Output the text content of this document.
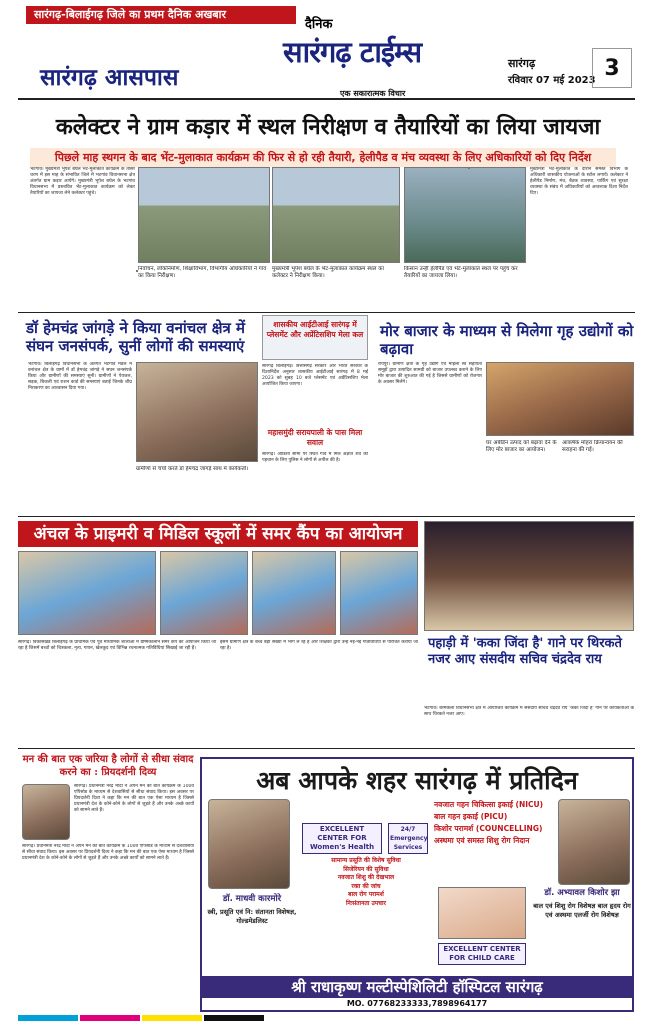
सारंगढ़-बिलाईगढ़ जिले का प्रथम दैनिक अखबार
सारंगढ़ आसपास
दैनिक
सारंगढ़ टाईम्स
एक सकारात्मक विचार
सारंगढ़
रविवार 07 मई 2023 3
कलेक्टर ने ग्राम कड़ार में स्थल निरीक्षण व तैयारियों का लिया जायजा
पिछले माह स्थगन के बाद भेंट-मुलाकात कार्यक्रम की फिर से हो रही तैयारी, हेलीपैड व मंच व्यवस्था के लिए अधिकारियों को दिए निर्देश
भटगांव। मुख्यमंत्री भूपेश बघेल भेंट-मुलाकात कार्यक्रम के तीसरे चरण में इस माह के संभावित जिले में भटगांव विधानसभा क्षेत्र अंतर्गत ग्राम कड़ार आयेंगे। मुख्यमंत्री भूपेश बघेल के भटगांव विधानसभा में प्रस्तावित भेंट-मुलाकात कार्यक्रम को लेकर तैयारियों का जायजा लेने कलेक्टर पहुंचे।
मुख्यमंत्री भेंट-मुलाकात के दौरान समस्त विभाग के अधिकारी शासकीय योजनाओं के स्टॉल लगायें। कलेक्टर ने हेलीपैड निर्माण, मंच, बैठक व्यवस्था, पार्किंग एवं सुरक्षा व्यवस्था के संबंध में अधिकारियों को आवश्यक दिशा निर्देश दिए।
निर्वाचन, लोकनिर्माण, शिक्षाविभाग, विभागीय अधिकारियों ने गांव का किया निरीक्षण।
मुख्यमंत्री भूपेश बघेल के भेंट-मुलाकात कार्यक्रम स्थल का कलेक्टर ने निरीक्षण किया।
किसान उन्हीं हेलीपैड एवं भेंट-मुलाकात स्थल पर पहुंच कर तैयारियों का जायजा लिया।
डॉ हेमचंद्र जांगड़े ने किया वनांचल क्षेत्र में संघन जनसंपर्क, सुनीं लोगों की समस्याएं
भटगांव। बिलाईगढ़ विधानसभा के अंतर्गत भटगांव मंडल में वनांचल क्षेत्र के ग्रामों में डॉ हेमचंद्र जांगड़े ने सघन जनसंपर्क किया और ग्रामीणों की समस्याएं सुनी। ग्रामीणों ने पेयजल, सड़क, बिजली एवं राशन कार्ड की समस्याएं बताईं जिनके शीघ्र निराकरण का आश्वासन दिया गया।
ग्रामीणों से चर्चा करते डॉ हेमचंद्र जांगड़े साथ में कार्यकर्ता।
शासकीय आईटीआई सारंगढ़ में प्लेसमेंट और अप्रेंटिसशिप मेला कल
सारंगढ़ बिलाईगढ़। छत्तीसगढ़ सरकार और भारत सरकार के दिशानिर्देश अनुसार शासकीय आईटीआई सारंगढ़ में 8 मई 2023 को सुबह 10 बजे प्लेसमेंट एवं अप्रेंटिसशिप मेला आयोजित किया जाएगा।
महासमुंदी सरायपाली के पास मिला सवाल
सारंगढ़। ओडिशा सीमा पर स्थित गांव में मिले अज्ञात शव की पहचान के लिए पुलिस ने लोगों से अपील की है।
मोर बाजार के माध्यम से मिलेगा गृह उद्योगों को बढ़ावा
रायपुर। ग्रामीण क्षेत्रों के गृह उद्योग एवं महिला स्व सहायता समूहों द्वारा उत्पादित सामग्री को बाजार उपलब्ध कराने के लिए मोर बाजार की शुरुआत की गई है जिससे ग्रामीणों को रोजगार के अवसर मिलेंगे।
घर अंबेडिन उत्पाद को बढ़ावा देने के लिए मोर बाजार का आयोजन।
आकर्षक मोहरा क्रियान्वयन की सराहना की गई।
अंचल के प्राइमरी व मिडिल स्कूलों में समर कैंप का आयोजन
सारंगढ़। विकासखंड बिलाईगढ़ के प्राथमिक एवं पूर्व माध्यमिक शालाओं में ग्रीष्मकालीन समर कैंप का आयोजन किया जा रहा है जिसमें बच्चों को चित्रकला, नृत्य, गायन, खेलकूद एवं विभिन्न रचनात्मक गतिविधियां सिखाई जा रही हैं।
इसमें ग्रामीण क्षेत्र के बच्चे बड़ी संख्या में भाग ले रहे हैं और शिक्षकों द्वारा उन्हें नई-नई गतिविधियों से परिचित कराया जा रहा है।	पहाड़ी में 'कका जिंदा है' गाने पर थिरकते नजर आए संसदीय सचिव चंद्रदेव राय
भटगांव। बरमकेला विधानसभा क्षेत्र में आयोजित कार्यक्रम में संसदीय सचिव चंद्रदेव राय 'कका जिंदा है' गाने पर कार्यकर्ताओं के साथ थिरकते नजर आए।
मन की बात एक जरिया है लोगों से सीधा संवाद करने का : प्रियदर्शनी दिव्य
सारंगढ़। प्रधानमंत्री नरेंद्र मोदी ने अपने मन की बात कार्यक्रम के 100वें एपिसोड के माध्यम से देशवासियों से सीधा संवाद किया। इस अवसर पर प्रियदर्शनी दिव्य ने कहा कि मन की बात एक ऐसा माध्यम है जिससे प्रधानमंत्री देश के कोने-कोने के लोगों से जुड़ते हैं और उनके अच्छे कार्यों को सामने लाते हैं।
सारंगढ़। प्रधानमंत्री नरेंद्र मोदी ने अपने मन की बात कार्यक्रम के 100वें एपिसोड के माध्यम से देशवासियों से सीधा संवाद किया। इस अवसर पर प्रियदर्शनी दिव्य ने कहा कि मन की बात एक ऐसा माध्यम है जिससे प्रधानमंत्री देश के कोने-कोने के लोगों से जुड़ते हैं और उनके अच्छे कार्यों को सामने लाते हैं।
अब आपके शहर सारंगढ़ में प्रतिदिन
डॉ. माधवी कारमोरे
स्त्री, प्रसूति एवं नि: संतानता विशेषज्ञ, गोल्डमेडलिस्ट
EXCELLENT CENTER FOR Women's Health
24/7 Emergency Services
नवजात गहन चिकित्सा इकाई (NICU)
बाल गहन इकाई (PICU)
किशोर परामर्श (COUNCELLING)
अस्थमा एवं समस्त शिशु रोग निदान
डॉ. अभ्यावल किशोर झा
बाल एवं शिशु रोग विशेषज्ञ बाल हृदय रोग एवं अस्थमा एलर्जी रोग विशेषज्ञ
सामान्य प्रसूति की विशेष सुविधा
सिजेरियन की सुविधा
नवजात शिशु की देखभाल
रक्त की जांच
बाल रोग परामर्श
निःसंतानता उपचार
EXCELLENT CENTER FOR CHILD CARE
श्री राधाकृष्ण मल्टीस्पेशिलिटी हॉस्पिटल सारंगढ़
MO. 07768233333,7898964177
